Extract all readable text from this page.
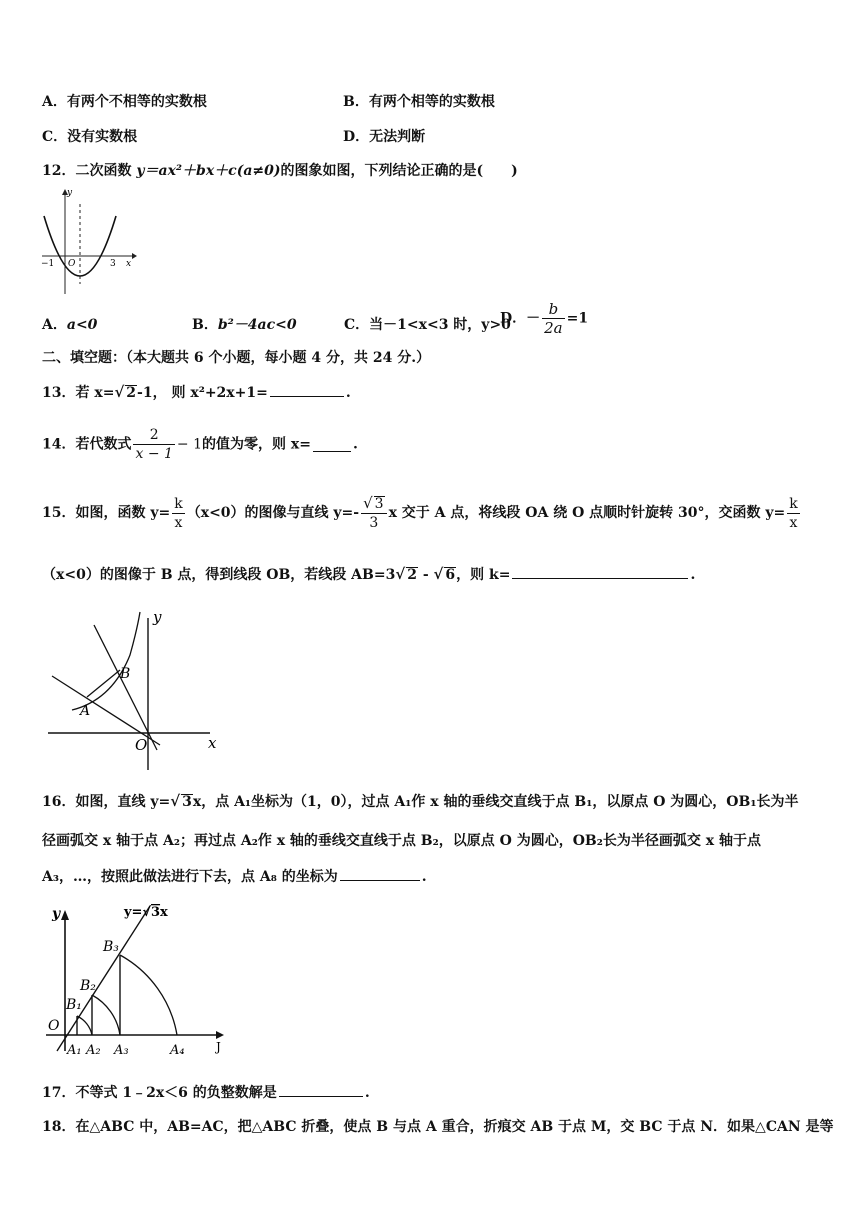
A．有两个不相等的实数根	B．有两个相等的实数根
C．没有实数根	D．无法判断
12．二次函数 y＝ax²＋bx＋c(a≠0)的图象如图，下列结论正确的是(　　)
y
x
O
−1	3
A．a<0	B．b²－4ac<0	C．当－1<x<3 时，y>0
D．－ $\frac{b}{2a} =1$
二、填空题：（本大题共 6 个小题，每小题 4 分，共 24 分.）
13．若 x=√ 2-1， 则 x²+2x+1=	.
14．若代数式 $\frac{2}{x - 1} - 1$的值为零，则 x=	.
15．如图，函数 $y= \frac{k}{x} (x<0)$的图像与直线 $y=- \frac{√ 3}{3}$ x 交于 A 点，将线段 OA 绕 O 点顺时针旋转 30°，交函数 $y= \frac{k}{x}$
（x<0）的图像于 B 点，得到线段 OB，若线段 AB=3√ 2 - √ 6，则 k=	.
y
x
O
A
B
16．如图，直线 y=√ 3x，点 A₁坐标为（1，0），过点 A₁作 x 轴的垂线交直线于点 B₁，以原点 O 为圆心，OB₁长为半
径画弧交 x 轴于点 A₂；再过点 A₂作 x 轴的垂线交直线于点 B₂，以原点 O 为圆心，OB₂长为半径画弧交 x 轴于点
A₃，…，按照此做法进行下去，点 A₈ 的坐标为	.
y	y=√3x
O
B₁
B₂
B₃
A₁ A₂ A₃	A₄	J
17．不等式 1﹣2x＜6 的负整数解是	.
18．在△ABC 中，AB=AC，把△ABC 折叠，使点 B 与点 A 重合，折痕交 AB 于点 M，交 BC 于点 N．如果△CAN 是等
